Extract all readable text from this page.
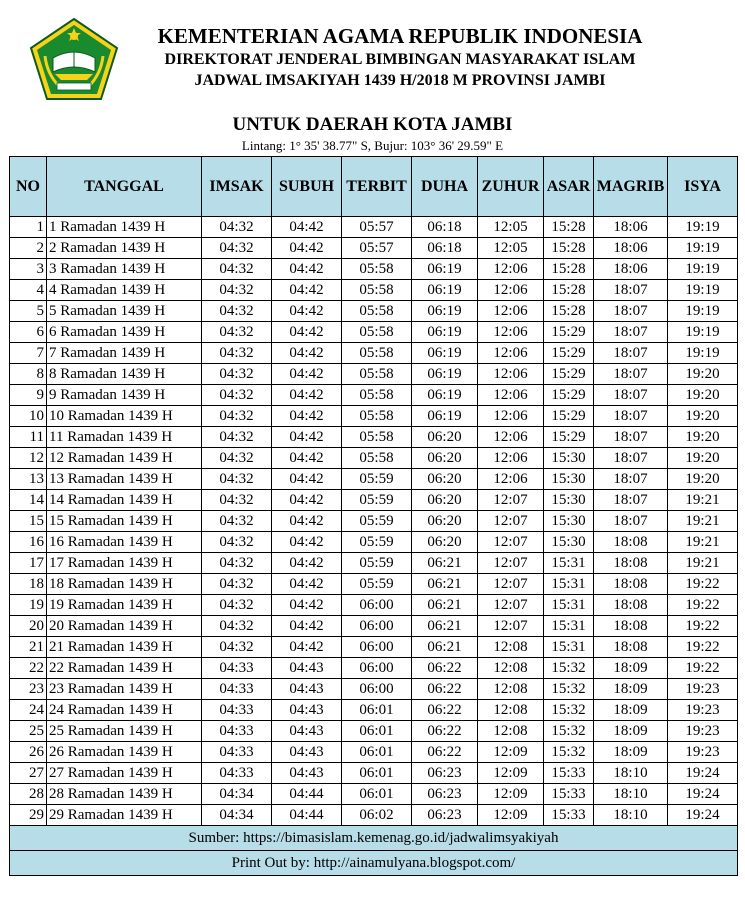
KEMENTERIAN AGAMA REPUBLIK INDONESIA
DIREKTORAT JENDERAL BIMBINGAN MASYARAKAT ISLAM
JADWAL IMSAKIYAH 1439 H/2018 M PROVINSI JAMBI
UNTUK DAERAH KOTA JAMBI
Lintang: 1° 35' 38.77" S, Bujur: 103° 36' 29.59" E
NO	TANGGAL	IMSAK	SUBUH	TERBIT	DUHA	ZUHUR	ASAR	MAGRIB	ISYA
1	1 Ramadan 1439 H	04:32	04:42	05:57	06:18	12:05	15:28	18:06	19:19
2	2 Ramadan 1439 H	04:32	04:42	05:57	06:18	12:05	15:28	18:06	19:19
3	3 Ramadan 1439 H	04:32	04:42	05:58	06:19	12:06	15:28	18:06	19:19
4	4 Ramadan 1439 H	04:32	04:42	05:58	06:19	12:06	15:28	18:07	19:19
5	5 Ramadan 1439 H	04:32	04:42	05:58	06:19	12:06	15:28	18:07	19:19
6	6 Ramadan 1439 H	04:32	04:42	05:58	06:19	12:06	15:29	18:07	19:19
7	7 Ramadan 1439 H	04:32	04:42	05:58	06:19	12:06	15:29	18:07	19:19
8	8 Ramadan 1439 H	04:32	04:42	05:58	06:19	12:06	15:29	18:07	19:20
9	9 Ramadan 1439 H	04:32	04:42	05:58	06:19	12:06	15:29	18:07	19:20
10	10 Ramadan 1439 H	04:32	04:42	05:58	06:19	12:06	15:29	18:07	19:20
11	11 Ramadan 1439 H	04:32	04:42	05:58	06:20	12:06	15:29	18:07	19:20
12	12 Ramadan 1439 H	04:32	04:42	05:58	06:20	12:06	15:30	18:07	19:20
13	13 Ramadan 1439 H	04:32	04:42	05:59	06:20	12:06	15:30	18:07	19:20
14	14 Ramadan 1439 H	04:32	04:42	05:59	06:20	12:07	15:30	18:07	19:21
15	15 Ramadan 1439 H	04:32	04:42	05:59	06:20	12:07	15:30	18:07	19:21
16	16 Ramadan 1439 H	04:32	04:42	05:59	06:20	12:07	15:30	18:08	19:21
17	17 Ramadan 1439 H	04:32	04:42	05:59	06:21	12:07	15:31	18:08	19:21
18	18 Ramadan 1439 H	04:32	04:42	05:59	06:21	12:07	15:31	18:08	19:22
19	19 Ramadan 1439 H	04:32	04:42	06:00	06:21	12:07	15:31	18:08	19:22
20	20 Ramadan 1439 H	04:32	04:42	06:00	06:21	12:07	15:31	18:08	19:22
21	21 Ramadan 1439 H	04:32	04:42	06:00	06:21	12:08	15:31	18:08	19:22
22	22 Ramadan 1439 H	04:33	04:43	06:00	06:22	12:08	15:32	18:09	19:22
23	23 Ramadan 1439 H	04:33	04:43	06:00	06:22	12:08	15:32	18:09	19:23
24	24 Ramadan 1439 H	04:33	04:43	06:01	06:22	12:08	15:32	18:09	19:23
25	25 Ramadan 1439 H	04:33	04:43	06:01	06:22	12:08	15:32	18:09	19:23
26	26 Ramadan 1439 H	04:33	04:43	06:01	06:22	12:09	15:32	18:09	19:23
27	27 Ramadan 1439 H	04:33	04:43	06:01	06:23	12:09	15:33	18:10	19:24
28	28 Ramadan 1439 H	04:34	04:44	06:01	06:23	12:09	15:33	18:10	19:24
29	29 Ramadan 1439 H	04:34	04:44	06:02	06:23	12:09	15:33	18:10	19:24
Sumber: https://bimasislam.kemenag.go.id/jadwalimsyakiyah									
Print Out by: http://ainamulyana.blogspot.com/									
